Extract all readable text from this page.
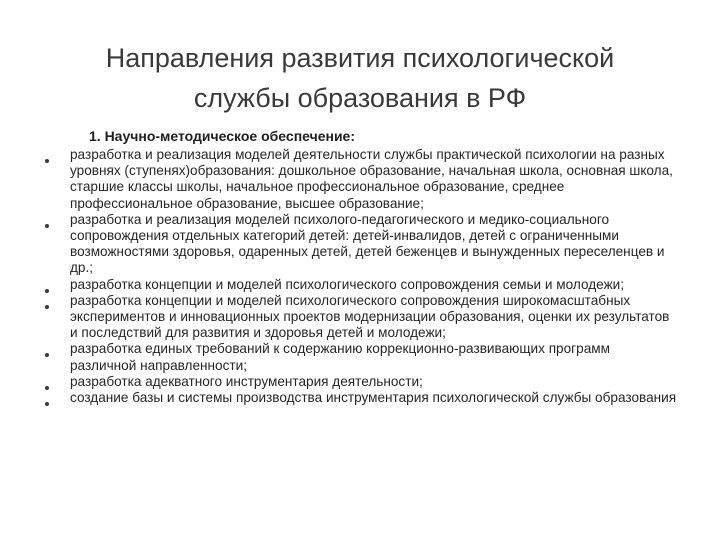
Направления развития психологической
службы образования в РФ

1. Научно-методическое обеспечение:

разработка и реализация моделей деятельности службы практической психологии на разных уровнях (ступенях)образования: дошкольное образование, начальная школа, основная школа, старшие классы школы, начальное профессиональное образование, среднее профессиональное образование, высшее образование;
разработка и реализация моделей психолого-педагогического и медико-социального сопровождения отдельных категорий детей: детей-инвалидов, детей с ограниченными возможностями здоровья, одаренных детей, детей беженцев и вынужденных переселенцев и др.;
разработка концепции и моделей психологического сопровождения семьи и молодежи;
разработка концепции и моделей психологического сопровождения широкомасштабных экспериментов и инновационных проектов модернизации образования, оценки их результатов и последствий для развития и здоровья детей и молодежи;
разработка единых требований к содержанию коррекционно-развивающих программ различной направленности;
разработка адекватного инструментария деятельности;
создание базы и системы производства инструментария психологической службы образования
